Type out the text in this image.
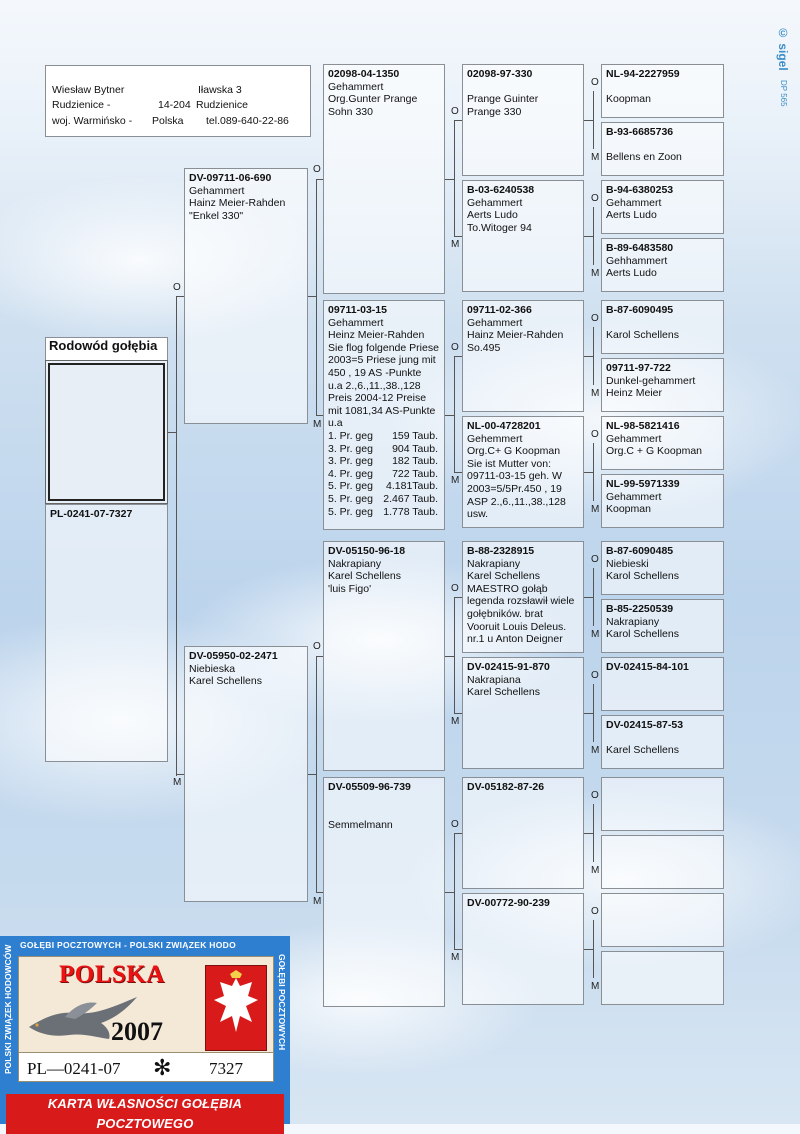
© sigel
DP 565
Wiesław Bytner	Iławska 3
Rudzienice -	14-204 Rudzienice
woj. Warmińsko - Polska tel.089-640-22-86
Rodowód gołębia
PL-0241-07-7327
DV-09711-06-690
Gehammert
Hainz Meier-Rahden
"Enkel 330"
DV-05950-02-2471
Niebieska
Karel Schellens
02098-04-1350
Gehammert
Org.Gunter Prange
Sohn 330
09711-03-15
Gehammert
Heinz Meier-Rahden
Sie flog folgende Priese
2003=5 Priese jung mit
450 , 19 AS -Punkte
u.a 2.,6.,11.,38.,128
Preis 2004-12 Preise
mit 1081,34 AS-Punkte
u.a
1. Pr. geg	159 Taub.
3. Pr. geg	904 Taub.
3. Pr. geg	182 Taub.
4. Pr. geg	722 Taub.
5. Pr. geg	4.181Taub.
5. Pr. geg	2.467 Taub.
5. Pr. geg	1.778 Taub.
DV-05150-96-18
Nakrapiany
Karel Schellens
'luis Figo'
DV-05509-96-739

Semmelmann
02098-97-330

Prange Guinter
Prange 330
B-03-6240538
Gehammert
Aerts Ludo
To.Witoger 94
09711-02-366
Gehammert
Hainz Meier-Rahden
So.495
NL-00-4728201
Gehemmert
Org.C+ G Koopman
Sie ist Mutter von:
09711-03-15 geh. W
2003=5/5Pr.450 , 19
ASP 2.,6.,11.,38.,128
usw.
B-88-2328915
Nakrapiany
Karel Schellens
MAESTRO gołąb
legenda rozsławił wiele
gołębników. brat
Vooruit Louis Deleus.
nr.1 u Anton Deigner
DV-02415-91-870
Nakrapiana
Karel Schellens
DV-05182-87-26
DV-00772-90-239
NL-94-2227959

Koopman
B-93-6685736

Bellens en Zoon
B-94-6380253
Gehammert
Aerts Ludo
B-89-6483580
Gehhammert
Aerts Ludo
B-87-6090495

Karol Schellens
09711-97-722
Dunkel-gehammert
Heinz Meier
NL-98-5821416
Gehammert
Org.C + G Koopman
NL-99-5971339
Gehammert
Koopman
B-87-6090485
Niebieski
Karol Schellens
B-85-2250539
Nakrapiany
Karol Schellens
DV-02415-84-101
DV-02415-87-53

Karel Schellens
O
M
O
M
O
M
O
M
O
M
O
M
O
M
O
M
O
M
O
M
O
M
O
M
O
M
O
M
O
M
GOŁĘBI POCZTOWYCH - POLSKI ZWIĄZEK HODO
POLSKI ZWIĄZEK HODOWCÓW	GOŁĘBI POCZTOWYCH
POLSKA
2007
PL—0241-07 ✻ 7327
KARTA WŁASNOŚCI GOŁĘBIA POCZTOWEGO
